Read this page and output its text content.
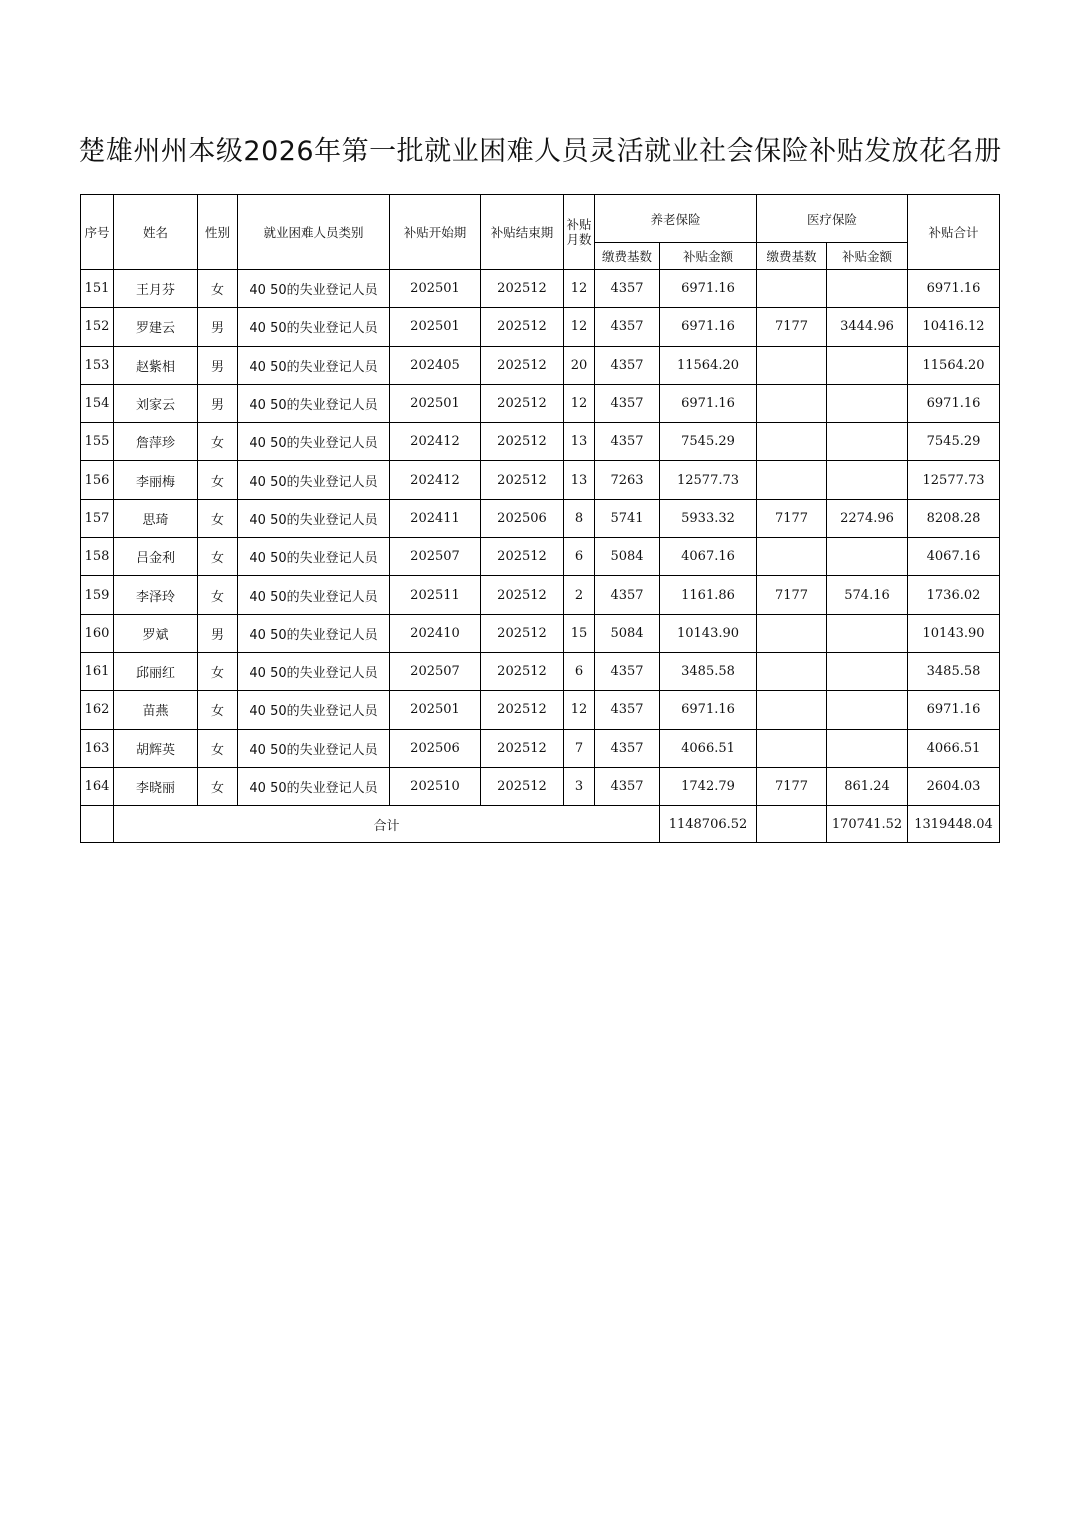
楚雄州州本级2026年第一批就业困难人员灵活就业社会保险补贴发放花名册
序号	姓名	性别	就业困难人员类别	补贴开始期	补贴结束期	补贴月数	养老保险		医疗保险		补贴合计
							缴费基数	补贴金额	缴费基数	补贴金额	
151	王月芬	女	40 50的失业登记人员	202501	202512	12	4357	6971.16			6971.16
152	罗建云	男	40 50的失业登记人员	202501	202512	12	4357	6971.16	7177	3444.96	10416.12
153	赵紫相	男	40 50的失业登记人员	202405	202512	20	4357	11564.20			11564.20
154	刘家云	男	40 50的失业登记人员	202501	202512	12	4357	6971.16			6971.16
155	詹萍珍	女	40 50的失业登记人员	202412	202512	13	4357	7545.29			7545.29
156	李丽梅	女	40 50的失业登记人员	202412	202512	13	7263	12577.73			12577.73
157	思琦	女	40 50的失业登记人员	202411	202506	8	5741	5933.32	7177	2274.96	8208.28
158	吕金利	女	40 50的失业登记人员	202507	202512	6	5084	4067.16			4067.16
159	李泽玲	女	40 50的失业登记人员	202511	202512	2	4357	1161.86	7177	574.16	1736.02
160	罗斌	男	40 50的失业登记人员	202410	202512	15	5084	10143.90			10143.90
161	邱丽红	女	40 50的失业登记人员	202507	202512	6	4357	3485.58			3485.58
162	苗燕	女	40 50的失业登记人员	202501	202512	12	4357	6971.16			6971.16
163	胡辉英	女	40 50的失业登记人员	202506	202512	7	4357	4066.51			4066.51
164	李晓丽	女	40 50的失业登记人员	202510	202512	3	4357	1742.79	7177	861.24	2604.03
	合计							1148706.52		170741.52	1319448.04
